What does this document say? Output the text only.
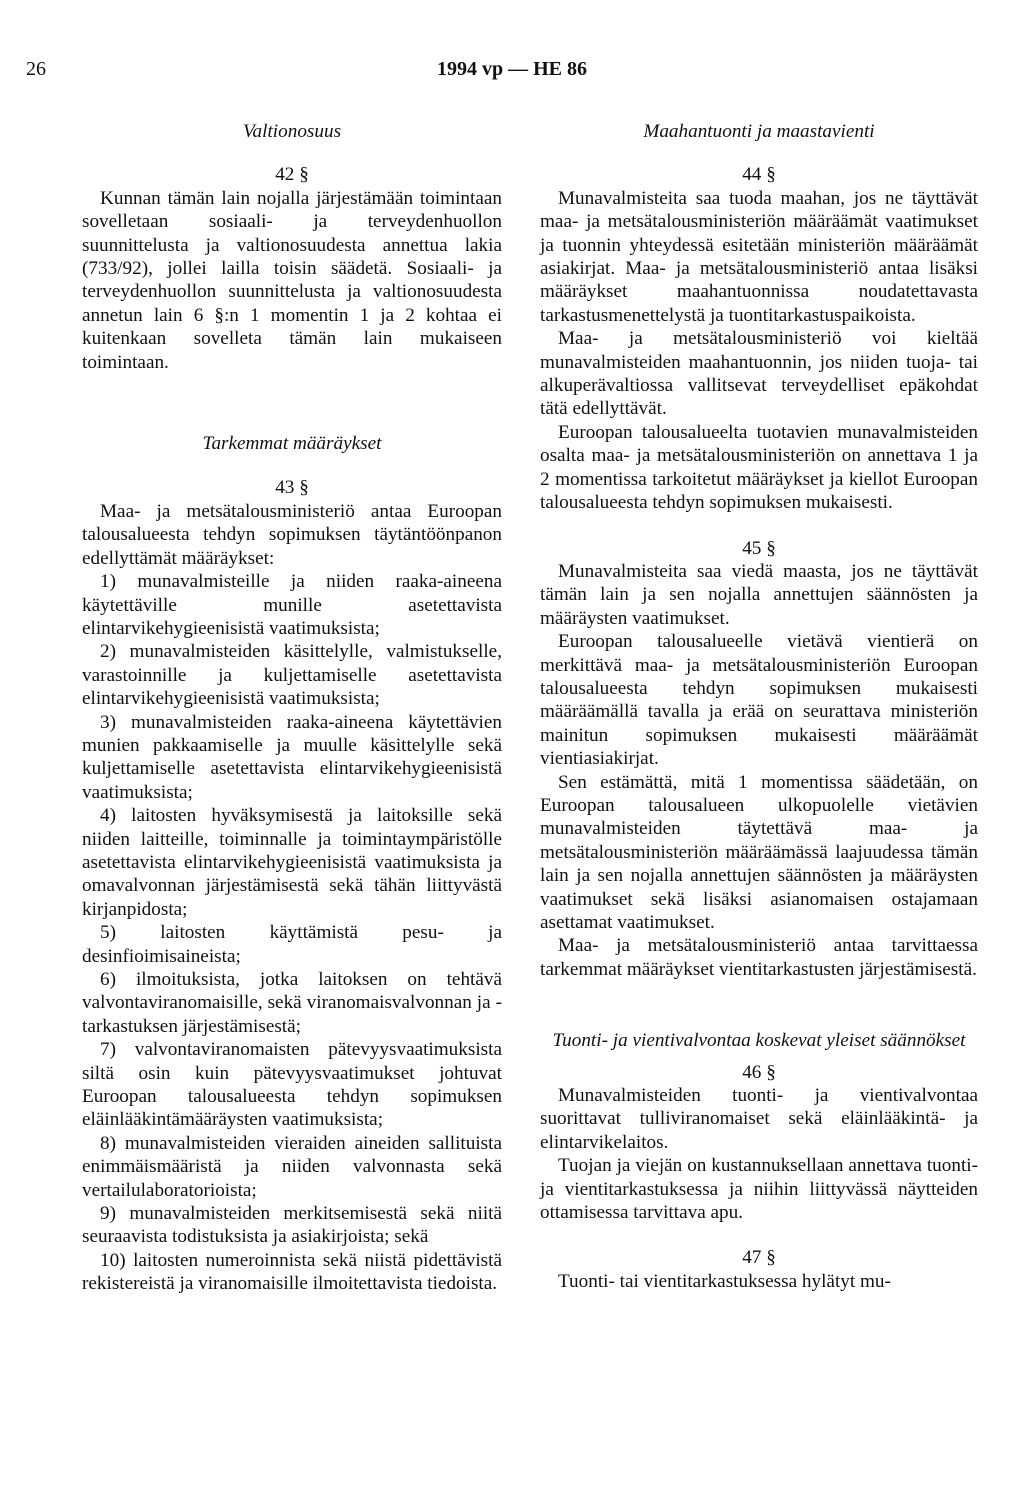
26	1994 vp — HE 86
Valtionosuus
42 §

Kunnan tämän lain nojalla järjestämään toimintaan sovelletaan sosiaali- ja terveydenhuollon suunnittelusta ja valtionosuudesta annettua lakia (733/92), jollei lailla toisin säädetä. Sosiaali- ja terveydenhuollon suunnittelusta ja valtionosuudesta annetun lain 6 §:n 1 momentin 1 ja 2 kohtaa ei kuitenkaan sovelleta tämän lain mukaiseen toimintaan.

Tarkemmat määräykset
43 §

Maa- ja metsätalousministeriö antaa Euroopan talousalueesta tehdyn sopimuksen täytäntöönpanon edellyttämät määräykset:

1) munavalmisteille ja niiden raaka-aineena käytettäville munille asetettavista elintarvikehygieenisistä vaatimuksista;

2) munavalmisteiden käsittelylle, valmistukselle, varastoinnille ja kuljettamiselle asetettavista elintarvikehygieenisistä vaatimuksista;

3) munavalmisteiden raaka-aineena käytettävien munien pakkaamiselle ja muulle käsittelylle sekä kuljettamiselle asetettavista elintarvikehygieenisistä vaatimuksista;

4) laitosten hyväksymisestä ja laitoksille sekä niiden laitteille, toiminnalle ja toimintaympäristölle asetettavista elintarvikehygieenisistä vaatimuksista ja omavalvonnan järjestämisestä sekä tähän liittyvästä kirjanpidosta;

5) laitosten käyttämistä pesu- ja desinfioimisaineista;

6) ilmoituksista, jotka laitoksen on tehtävä valvontaviranomaisille, sekä viranomaisvalvonnan ja -tarkastuksen järjestämisestä;

7) valvontaviranomaisten pätevyysvaatimuksista siltä osin kuin pätevyysvaatimukset johtuvat Euroopan talousalueesta tehdyn sopimuksen eläinlääkintämääräysten vaatimuksista;

8) munavalmisteiden vieraiden aineiden sallituista enimmäismääristä ja niiden valvonnasta sekä vertailulaboratorioista;

9) munavalmisteiden merkitsemisestä sekä niitä seuraavista todistuksista ja asiakirjoista; sekä

10) laitosten numeroinnista sekä niistä pidettävistä rekistereistä ja viranomaisille ilmoitettavista tiedoista.

Maahantuonti ja maastavienti
44 §

Munavalmisteita saa tuoda maahan, jos ne täyttävät maa- ja metsätalousministeriön määräämät vaatimukset ja tuonnin yhteydessä esitetään ministeriön määräämät asiakirjat. Maa- ja metsätalousministeriö antaa lisäksi määräykset maahantuonnissa noudatettavasta tarkastusmenettelystä ja tuontitarkastuspaikoista.

Maa- ja metsätalousministeriö voi kieltää munavalmisteiden maahantuonnin, jos niiden tuoja- tai alkuperävaltiossa vallitsevat terveydelliset epäkohdat tätä edellyttävät.

Euroopan talousalueelta tuotavien munavalmisteiden osalta maa- ja metsätalousministeriön on annettava 1 ja 2 momentissa tarkoitetut määräykset ja kiellot Euroopan talousalueesta tehdyn sopimuksen mukaisesti.

45 §

Munavalmisteita saa viedä maasta, jos ne täyttävät tämän lain ja sen nojalla annettujen säännösten ja määräysten vaatimukset.

Euroopan talousalueelle vietävä vientierä on merkittävä maa- ja metsätalousministeriön Euroopan talousalueesta tehdyn sopimuksen mukaisesti määräämällä tavalla ja erää on seurattava ministeriön mainitun sopimuksen mukaisesti määräämät vientiasiakirjat.

Sen estämättä, mitä 1 momentissa säädetään, on Euroopan talousalueen ulkopuolelle vietävien munavalmisteiden täytettävä maa- ja metsätalousministeriön määräämässä laajuudessa tämän lain ja sen nojalla annettujen säännösten ja määräysten vaatimukset sekä lisäksi asianomaisen ostajamaan asettamat vaatimukset.

Maa- ja metsätalousministeriö antaa tarvittaessa tarkemmat määräykset vientitarkastusten järjestämisestä.

Tuonti- ja vientivalvontaa koskevat yleiset säännökset
46 §

Munavalmisteiden tuonti- ja vientivalvontaa suorittavat tulliviranomaiset sekä eläinlääkintä- ja elintarvikelaitos.

Tuojan ja viejän on kustannuksellaan annettava tuonti- ja vientitarkastuksessa ja niihin liittyvässä näytteiden ottamisessa tarvittava apu.

47 §

Tuonti- tai vientitarkastuksessa hylätyt mu-
